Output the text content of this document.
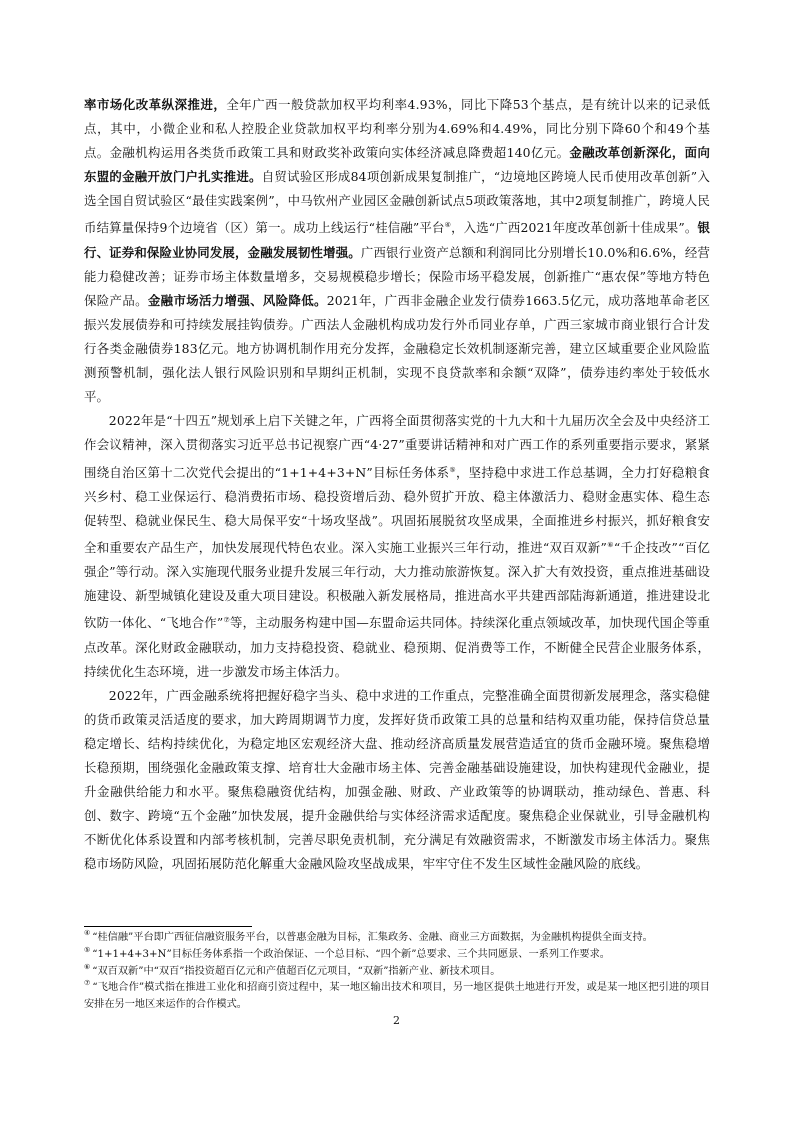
率市场化改革纵深推进，全年广西一般贷款加权平均利率4.93%，同比下降53个基点，是有统计以来的记录低点，其中，小微企业和私人控股企业贷款加权平均利率分别为4.69%和4.49%，同比分别下降60个和49个基点。金融机构运用各类货币政策工具和财政奖补政策向实体经济减息降费超140亿元。金融改革创新深化，面向东盟的金融开放门户扎实推进。自贸试验区形成84项创新成果复制推广，“边境地区跨境人民币使用改革创新”入选全国自贸试验区“最佳实践案例”，中马钦州产业园区金融创新试点5项政策落地，其中2项复制推广，跨境人民币结算量保持9个边境省（区）第一。成功上线运行“桂信融”平台④，入选“广西2021年度改革创新十佳成果”。银行、证券和保险业协同发展，金融发展韧性增强。广西银行业资产总额和利润同比分别增长10.0%和6.6%，经营能力稳健改善；证券市场主体数量增多，交易规模稳步增长；保险市场平稳发展，创新推广“惠农保”等地方特色保险产品。金融市场活力增强、风险降低。2021年，广西非金融企业发行债券1663.5亿元，成功落地革命老区振兴发展债券和可持续发展挂钩债券。广西法人金融机构成功发行外币同业存单，广西三家城市商业银行合计发行各类金融债券183亿元。地方协调机制作用充分发挥，金融稳定长效机制逐渐完善，建立区域重要企业风险监测预警机制，强化法人银行风险识别和早期纠正机制，实现不良贷款率和余额“双降”，债券违约率处于较低水平。

2022年是“十四五”规划承上启下关键之年，广西将全面贯彻落实党的十九大和十九届历次全会及中央经济工作会议精神，深入贯彻落实习近平总书记视察广西“4·27”重要讲话精神和对广西工作的系列重要指示要求，紧紧围绕自治区第十二次党代会提出的“1+1+4+3+N”目标任务体系⑤，坚持稳中求进工作总基调，全力打好稳粮食兴乡村、稳工业保运行、稳消费拓市场、稳投资增后劲、稳外贸扩开放、稳主体激活力、稳财金惠实体、稳生态促转型、稳就业保民生、稳大局保平安“十场攻坚战”。巩固拓展脱贫攻坚成果，全面推进乡村振兴，抓好粮食安全和重要农产品生产，加快发展现代特色农业。深入实施工业振兴三年行动，推进“双百双新”⑥“千企技改”“百亿强企”等行动。深入实施现代服务业提升发展三年行动，大力推动旅游恢复。深入扩大有效投资，重点推进基础设施建设、新型城镇化建设及重大项目建设。积极融入新发展格局，推进高水平共建西部陆海新通道，推进建设北钦防一体化、“飞地合作”⑦等，主动服务构建中国—东盟命运共同体。持续深化重点领域改革，加快现代国企等重点改革。深化财政金融联动，加力支持稳投资、稳就业、稳预期、促消费等工作，不断健全民营企业服务体系，持续优化生态环境，进一步激发市场主体活力。

2022年，广西金融系统将把握好稳字当头、稳中求进的工作重点，完整准确全面贯彻新发展理念，落实稳健的货币政策灵活适度的要求，加大跨周期调节力度，发挥好货币政策工具的总量和结构双重功能，保持信贷总量稳定增长、结构持续优化，为稳定地区宏观经济大盘、推动经济高质量发展营造适宜的货币金融环境。聚焦稳增长稳预期，围绕强化金融政策支撑、培育壮大金融市场主体、完善金融基础设施建设，加快构建现代金融业，提升金融供给能力和水平。聚焦稳融资优结构，加强金融、财政、产业政策等的协调联动，推动绿色、普惠、科创、数字、跨境“五个金融”加快发展，提升金融供给与实体经济需求适配度。聚焦稳企业保就业，引导金融机构不断优化体系设置和内部考核机制，完善尽职免责机制，充分满足有效融资需求，不断激发市场主体活力。聚焦稳市场防风险，巩固拓展防范化解重大金融风险攻坚战成果，牢牢守住不发生区域性金融风险的底线。

④ “桂信融”平台即广西征信融资服务平台，以普惠金融为目标，汇集政务、金融、商业三方面数据，为金融机构提供全面支持。

⑤ “1+1+4+3+N”目标任务体系指一个政治保证、一个总目标、“四个新”总要求、三个共同愿景、一系列工作要求。

⑥ “双百双新”中“双百”指投资超百亿元和产值超百亿元项目，“双新”指新产业、新技术项目。

⑦ “飞地合作”模式指在推进工业化和招商引资过程中，某一地区输出技术和项目，另一地区提供土地进行开发，或是某一地区把引进的项目安排在另一地区来运作的合作模式。

2
